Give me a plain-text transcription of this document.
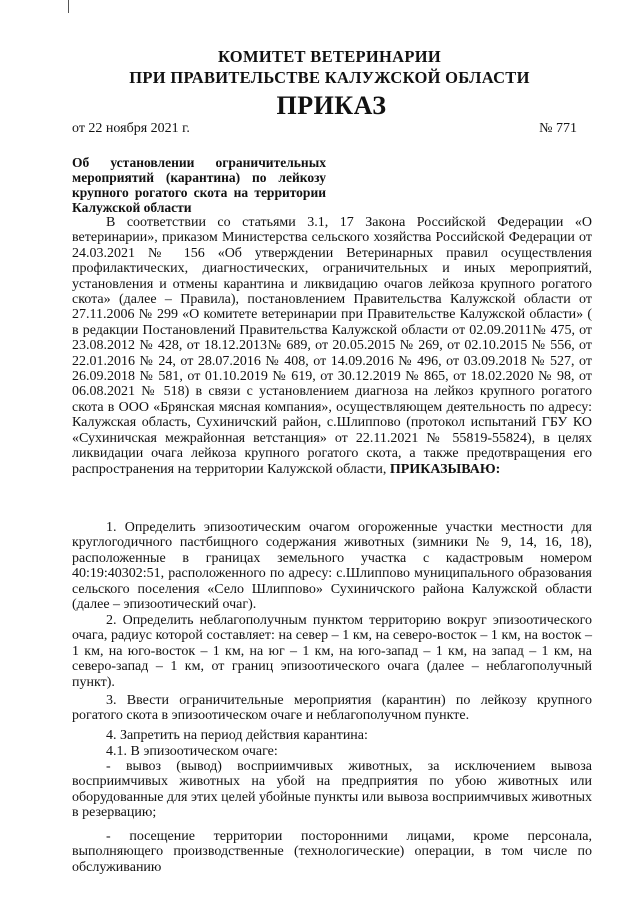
КОМИТЕТ ВЕТЕРИНАРИИ
ПРИ ПРАВИТЕЛЬСТВЕ КАЛУЖСКОЙ ОБЛАСТИ
ПРИКАЗ
от 22 ноября 2021 г.	№ 771
Об установлении ограничительных
мероприятий (карантина) по лейкозу
крупного рогатого скота на территории
Калужской области

В соответствии со статьями 3.1, 17 Закона Российской Федерации «О ветеринарии», приказом Министерства сельского хозяйства Российской Федерации от 24.03.2021 № 156 «Об утверждении Ветеринарных правил осуществления профилактических, диагностических, ограничительных и иных мероприятий, установления и отмены карантина и ликвидацию очагов лейкоза крупного рогатого скота» (далее – Правила), постановлением Правительства Калужской области от 27.11.2006 № 299 «О комитете ветеринарии при Правительстве Калужской области» ( в редакции Постановлений Правительства Калужской области от 02.09.2011№ 475, от 23.08.2012 № 428, от 18.12.2013№ 689, от 20.05.2015 № 269, от 02.10.2015 № 556, от 22.01.2016 № 24, от 28.07.2016 № 408, от 14.09.2016 № 496, от 03.09.2018 № 527, от 26.09.2018 № 581, от 01.10.2019 № 619, от 30.12.2019 № 865, от 18.02.2020 № 98, от 06.08.2021 № 518) в связи с установлением диагноза на лейкоз крупного рогатого скота в ООО «Брянская мясная компания», осуществляющем деятельность по адресу: Калужская область, Сухиничский район, с.Шлиппово (протокол испытаний ГБУ КО «Сухиничская межрайонная ветстанция» от 22.11.2021 № 55819-55824), в целях ликвидации очага лейкоза крупного рогатого скота, а также предотвращения его распространения на территории Калужской области, ПРИКАЗЫВАЮ:

1. Определить эпизоотическим очагом огороженные участки местности для круглогодичного пастбищного содержания животных (зимники № 9, 14, 16, 18), расположенные в границах земельного участка с кадастровым номером 40:19:40302:51, расположенного по адресу: с.Шлиппово муниципального образования сельского поселения «Село Шлиппово» Сухиничского района Калужской области (далее – эпизоотический очаг).

2. Определить неблагополучным пунктом территорию вокруг эпизоотического очага, радиус которой составляет: на север – 1 км, на северо-восток – 1 км, на восток – 1 км, на юго-восток – 1 км, на юг – 1 км, на юго-запад – 1 км, на запад – 1 км, на северо-запад – 1 км, от границ эпизоотического очага (далее – неблагополучный пункт).

3. Ввести ограничительные мероприятия (карантин) по лейкозу крупного рогатого скота в эпизоотическом очаге и неблагополучном пункте.

4. Запретить на период действия карантина:

4.1. В эпизоотическом очаге:

- вывоз (вывод) восприимчивых животных, за исключением вывоза восприимчивых животных на убой на предприятия по убою животных или оборудованные для этих целей убойные пункты или вывоза восприимчивых животных в резервацию;

- посещение территории посторонними лицами, кроме персонала, выполняющего производственные (технологические) операции, в том числе по обслуживанию
